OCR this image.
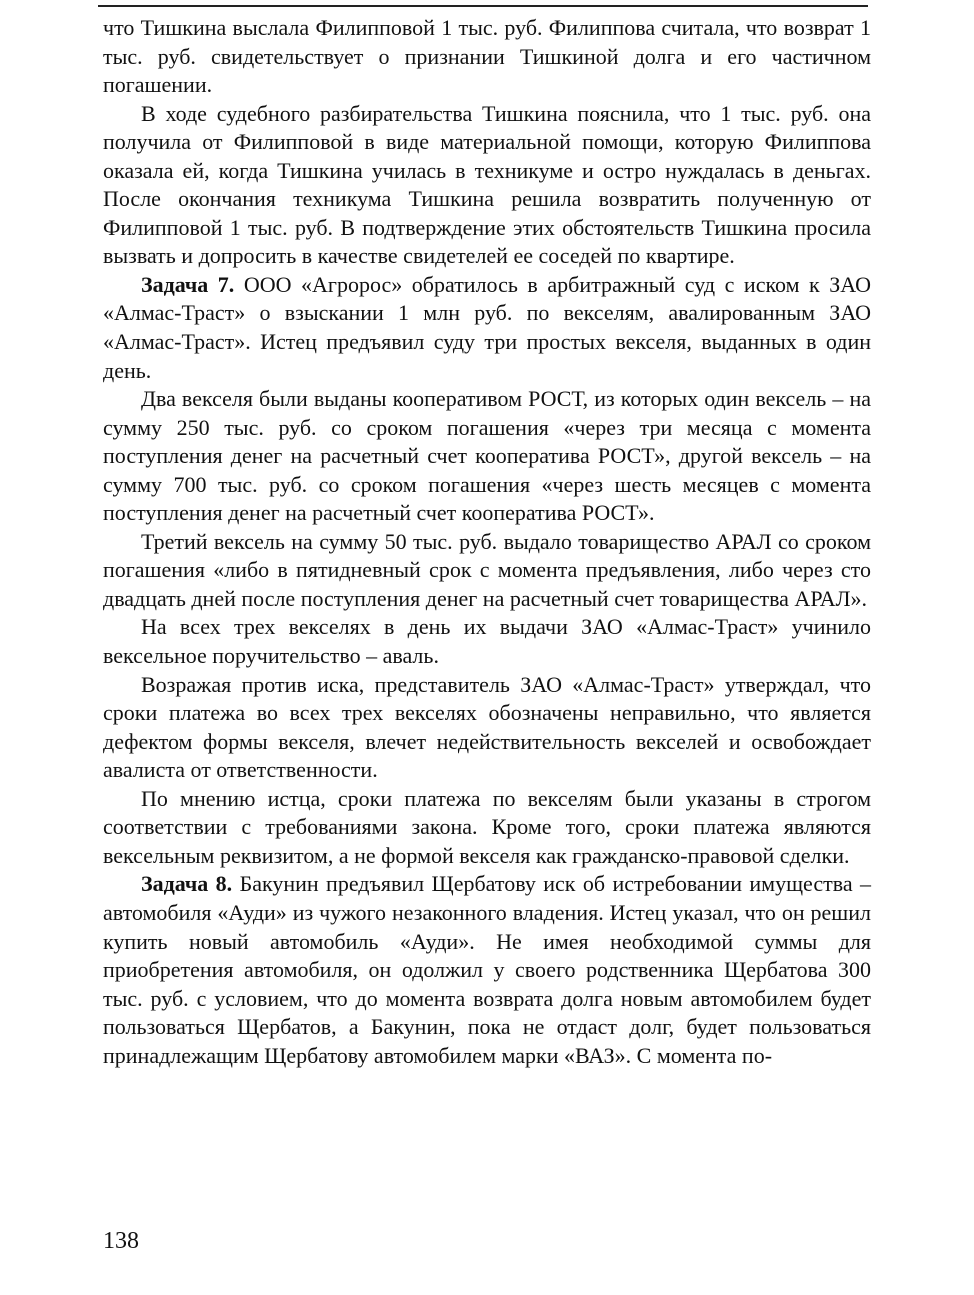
что Тишкина выслала Филипповой 1 тыс. руб. Филиппова считала, что возврат 1 тыс. руб. свидетельствует о признании Тишкиной долга и его частичном погашении.

В ходе судебного разбирательства Тишкина пояснила, что 1 тыс. руб. она получила от Филипповой в виде материальной помощи, которую Филиппова оказала ей, когда Тишкина училась в техникуме и остро нуждалась в деньгах. После окончания техникума Тишкина решила возвратить полученную от Филипповой 1 тыс. руб. В подтверждение этих обстоятельств Тишкина просила вызвать и допросить в качестве свидетелей ее соседей по квартире.

Задача 7. ООО «Агророс» обратилось в арбитражный суд с иском к ЗАО «Алмас-Траст» о взыскании 1 млн руб. по векселям, авалированным ЗАО «Алмас-Траст». Истец предъявил суду три простых векселя, выданных в один день.

Два векселя были выданы кооперативом РОСТ, из которых один вексель – на сумму 250 тыс. руб. со сроком погашения «через три месяца с момента поступления денег на расчетный счет кооператива РОСТ», другой вексель – на сумму 700 тыс. руб. со сроком погашения «через шесть месяцев с момента поступления денег на расчетный счет кооператива РОСТ».

Третий вексель на сумму 50 тыс. руб. выдало товарищество АРАЛ со сроком погашения «либо в пятидневный срок с момента предъявления, либо через сто двадцать дней после поступления денег на расчетный счет товарищества АРАЛ».

На всех трех векселях в день их выдачи ЗАО «Алмас-Траст» учинило вексельное поручительство – аваль.

Возражая против иска, представитель ЗАО «Алмас-Траст» утверждал, что сроки платежа во всех трех векселях обозначены неправильно, что является дефектом формы векселя, влечет недействительность векселей и освобождает авалиста от ответственности.

По мнению истца, сроки платежа по векселям были указаны в строгом соответствии с требованиями закона. Кроме того, сроки платежа являются вексельным реквизитом, а не формой векселя как гражданско-правовой сделки.

Задача 8. Бакунин предъявил Щербатову иск об истребовании имущества – автомобиля «Ауди» из чужого незаконного владения. Истец указал, что он решил купить новый автомобиль «Ауди». Не имея необходимой суммы для приобретения автомобиля, он одолжил у своего родственника Щербатова 300 тыс. руб. с условием, что до момента возврата долга новым автомобилем будет пользоваться Щербатов, а Бакунин, пока не отдаст долг, будет пользоваться принадлежащим Щербатову автомобилем марки «ВАЗ». С момента по-

138
